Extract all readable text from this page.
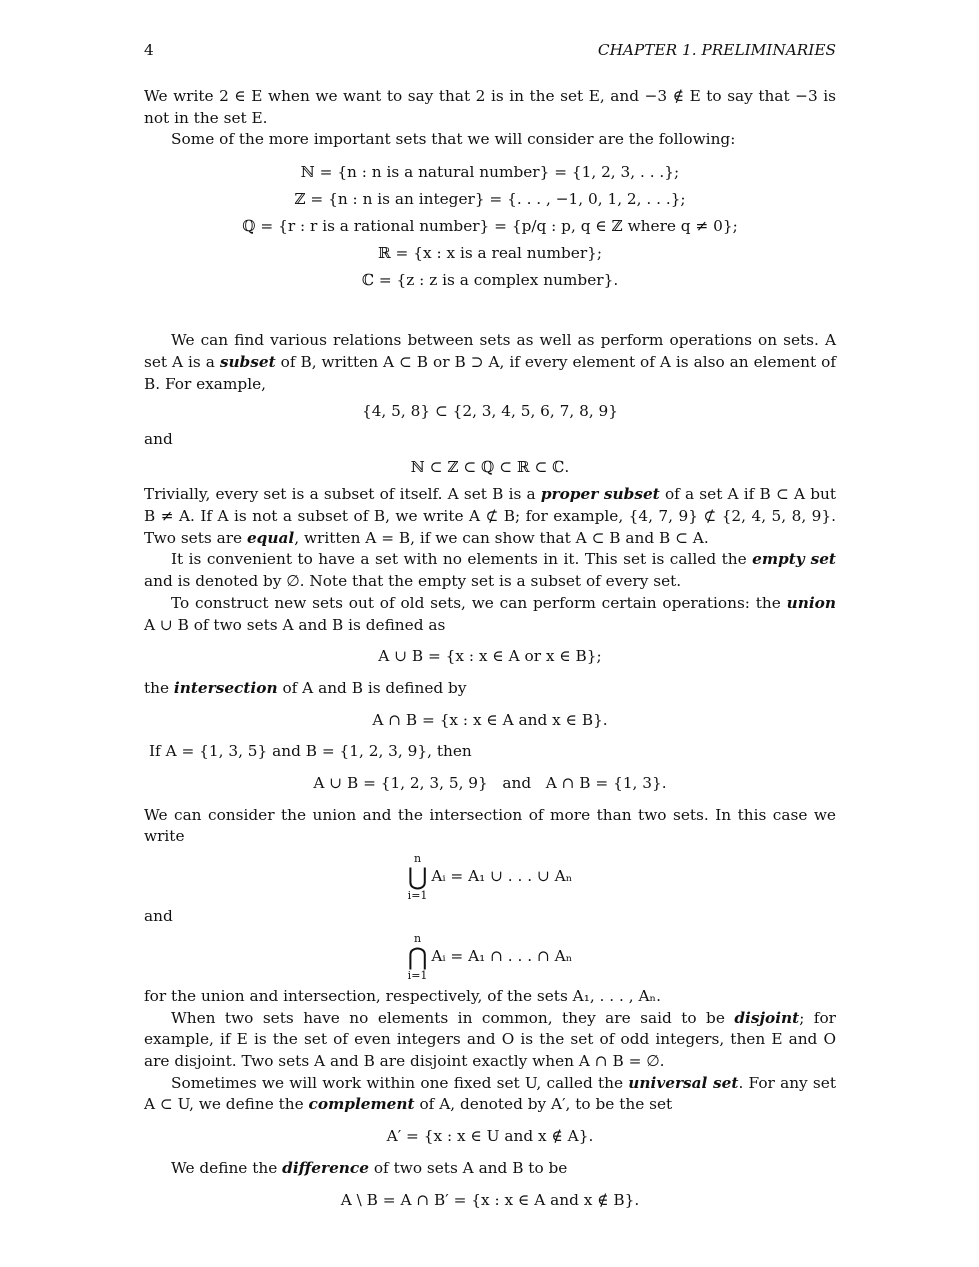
4	CHAPTER 1. PRELIMINARIES

We write 2 ∈ E when we want to say that 2 is in the set E, and −3 ∉ E to say that −3 is not in the set E.

Some of the more important sets that we will consider are the following:

ℕ = {n : n is a natural number} = {1, 2, 3, . . .};
ℤ = {n : n is an integer} = {. . . , −1, 0, 1, 2, . . .};
ℚ = {r : r is a rational number} = {p/q : p, q ∈ ℤ where q ≠ 0};
ℝ = {x : x is a real number};
ℂ = {z : z is a complex number}.

We can find various relations between sets as well as perform operations on sets. A set A is a subset of B, written A ⊂ B or B ⊃ A, if every element of A is also an element of B. For example,

{4, 5, 8} ⊂ {2, 3, 4, 5, 6, 7, 8, 9}

and

ℕ ⊂ ℤ ⊂ ℚ ⊂ ℝ ⊂ ℂ.

Trivially, every set is a subset of itself. A set B is a proper subset of a set A if B ⊂ A but B ≠ A. If A is not a subset of B, we write A ⊄ B; for example, {4, 7, 9} ⊄ {2, 4, 5, 8, 9}. Two sets are equal, written A = B, if we can show that A ⊂ B and B ⊂ A.

It is convenient to have a set with no elements in it. This set is called the empty set and is denoted by ∅. Note that the empty set is a subset of every set.

To construct new sets out of old sets, we can perform certain operations: the union A ∪ B of two sets A and B is defined as

A ∪ B = {x : x ∈ A or x ∈ B};

the intersection of A and B is defined by

A ∩ B = {x : x ∈ A and x ∈ B}.

If A = {1, 3, 5} and B = {1, 2, 3, 9}, then

A ∪ B = {1, 2, 3, 5, 9}   and   A ∩ B = {1, 3}.

We can consider the union and the intersection of more than two sets. In this case we write

n
⋃
i=1
Aᵢ = A₁ ∪ . . . ∪ Aₙ

and

n
⋂
i=1
Aᵢ = A₁ ∩ . . . ∩ Aₙ

for the union and intersection, respectively, of the sets A₁, . . . , Aₙ.

When two sets have no elements in common, they are said to be disjoint; for example, if E is the set of even integers and O is the set of odd integers, then E and O are disjoint. Two sets A and B are disjoint exactly when A ∩ B = ∅.

Sometimes we will work within one fixed set U, called the universal set. For any set A ⊂ U, we define the complement of A, denoted by A′, to be the set

A′ = {x : x ∈ U and x ∉ A}.

We define the difference of two sets A and B to be

A \ B = A ∩ B′ = {x : x ∈ A and x ∉ B}.
